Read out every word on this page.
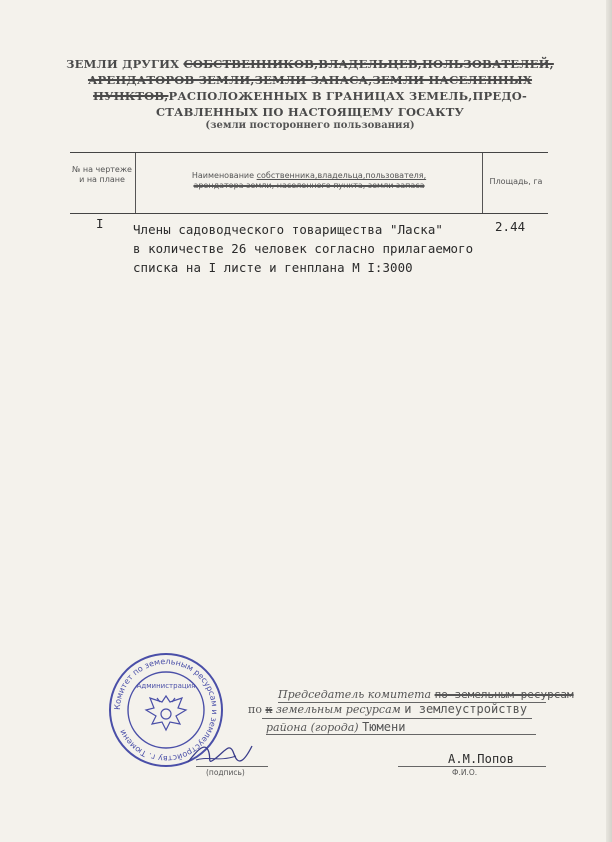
ЗЕМЛИ ДРУГИХ СОБСТВЕННИКОВ,ВЛАДЕЛЬЦЕВ,ПОЛЬЗОВАТЕЛЕЙ,
АРЕНДАТОРОВ ЗЕМЛИ,ЗЕМЛИ ЗАПАСА,ЗЕМЛИ НАСЕЛЕННЫХ
ПУНКТОВ,РАСПОЛОЖЕННЫХ В ГРАНИЦАХ ЗЕМЕЛЬ,ПРЕДО-
СТАВЛЕННЫХ ПО НАСТОЯЩЕМУ ГОСАКТУ
(земли постороннего пользования)
№ на чертеже и на плане	Наименование собственника,владельца,пользователя,
арендатора земли, населенного пункта, земли запаса	Площадь, га
I Члены садоводческого товарищества "Ласка"
в количестве 26 человек согласно прилагаемого
списка на I листе и генплана М I:3000
2.44
Комитет по земельным ресурсам и землеустройству г. Тюмени
Администрация
Председатель комитета по земельным ресурсам
по к земельным ресурсам и землеустройству
района (города) Тюмени
(подпись)
А.М.Попов
Ф.И.О.
